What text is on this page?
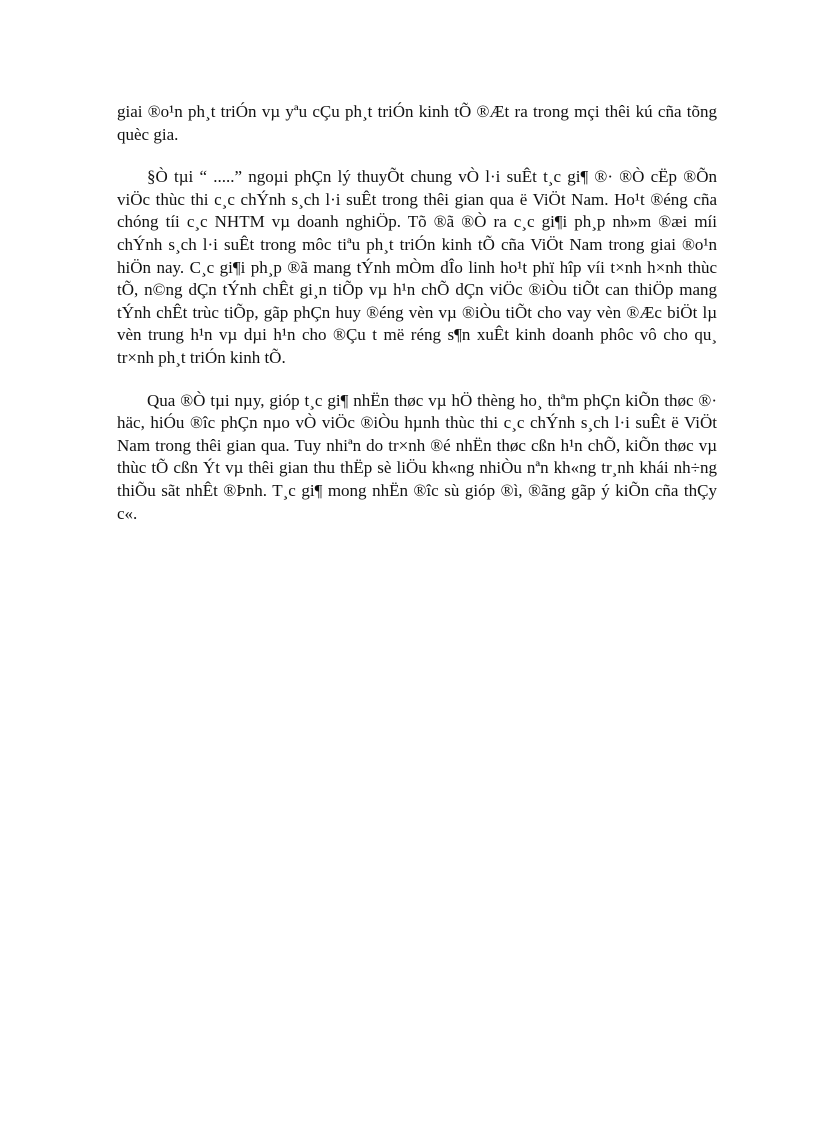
giai ®o¹n ph¸t triÓn vµ yªu cÇu ph¸t triÓn kinh tÕ ®Æt ra trong mçi thêi kú cña tõng quèc gia.

§Ò tµi “ .....” ngoµi phÇn lý thuyÕt chung vÒ l·i suÊt t¸c gi¶ ®· ®Ò cËp ®Õn viÖc thùc thi c¸c chÝnh s¸ch l·i suÊt trong thêi gian qua ë ViÖt Nam. Ho¹t ®éng cña chóng tíi c¸c NHTM vµ doanh nghiÖp. Tõ ®ã ®Ò ra c¸c gi¶i ph¸p nh»m ®æi míi chÝnh s¸ch l·i suÊt trong môc tiªu ph¸t triÓn kinh tÕ cña ViÖt Nam trong giai ®o¹n hiÖn nay. C¸c gi¶i ph¸p ®ã mang tÝnh mÒm dÎo linh ho¹t phï hîp víi t×nh h×nh thùc tÕ, n©ng dÇn tÝnh chÊt gi¸n tiÕp vµ h¹n chÕ dÇn viÖc ®iÒu tiÕt can thiÖp mang tÝnh chÊt trùc tiÕp, gãp phÇn huy ®éng vèn vµ ®iÒu tiÕt cho vay vèn ®Æc biÖt lµ vèn trung h¹n vµ dµi h¹n cho ®Çu t më réng s¶n xuÊt kinh doanh phôc vô cho qu¸ tr×nh ph¸t triÓn kinh tÕ.

Qua ®Ò tµi nµy, gióp t¸c gi¶ nhËn thøc vµ hÖ thèng ho¸ thªm phÇn kiÕn thøc ®· häc, hiÓu ®îc phÇn nµo vÒ viÖc ®iÒu hµnh thùc thi c¸c chÝnh s¸ch l·i suÊt ë ViÖt Nam trong thêi gian qua. Tuy nhiªn do tr×nh ®é nhËn thøc cßn h¹n chÕ, kiÕn thøc vµ thùc tÕ cßn Ýt vµ thêi gian thu thËp sè liÖu kh«ng nhiÒu nªn kh«ng tr¸nh khái nh÷ng thiÕu sãt nhÊt ®Þnh. T¸c gi¶ mong nhËn ®îc sù gióp ®ì, ®ãng gãp ý kiÕn cña thÇy c«.
